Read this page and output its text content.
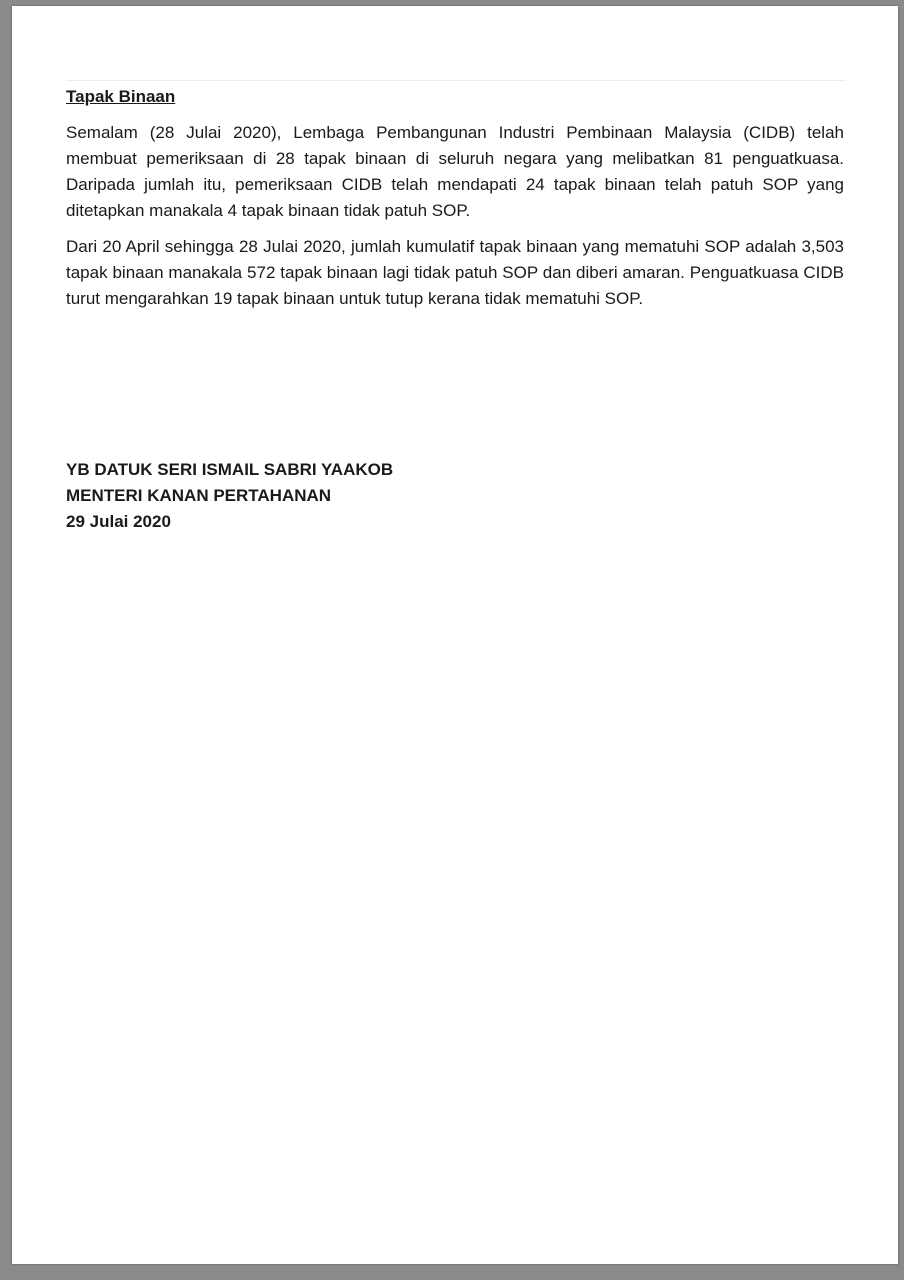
Tapak Binaan

Semalam (28 Julai 2020), Lembaga Pembangunan Industri Pembinaan Malaysia (CIDB) telah membuat pemeriksaan di 28 tapak binaan di seluruh negara yang melibatkan 81 penguatkuasa. Daripada jumlah itu, pemeriksaan CIDB telah mendapati 24 tapak binaan telah patuh SOP yang ditetapkan manakala 4 tapak binaan tidak patuh SOP.

Dari 20 April sehingga 28 Julai 2020, jumlah kumulatif tapak binaan yang mematuhi SOP adalah 3,503 tapak binaan manakala 572 tapak binaan lagi tidak patuh SOP dan diberi amaran. Penguatkuasa CIDB turut mengarahkan 19 tapak binaan untuk tutup kerana tidak mematuhi SOP.

YB DATUK SERI ISMAIL SABRI YAAKOB
MENTERI KANAN PERTAHANAN
29 Julai 2020
